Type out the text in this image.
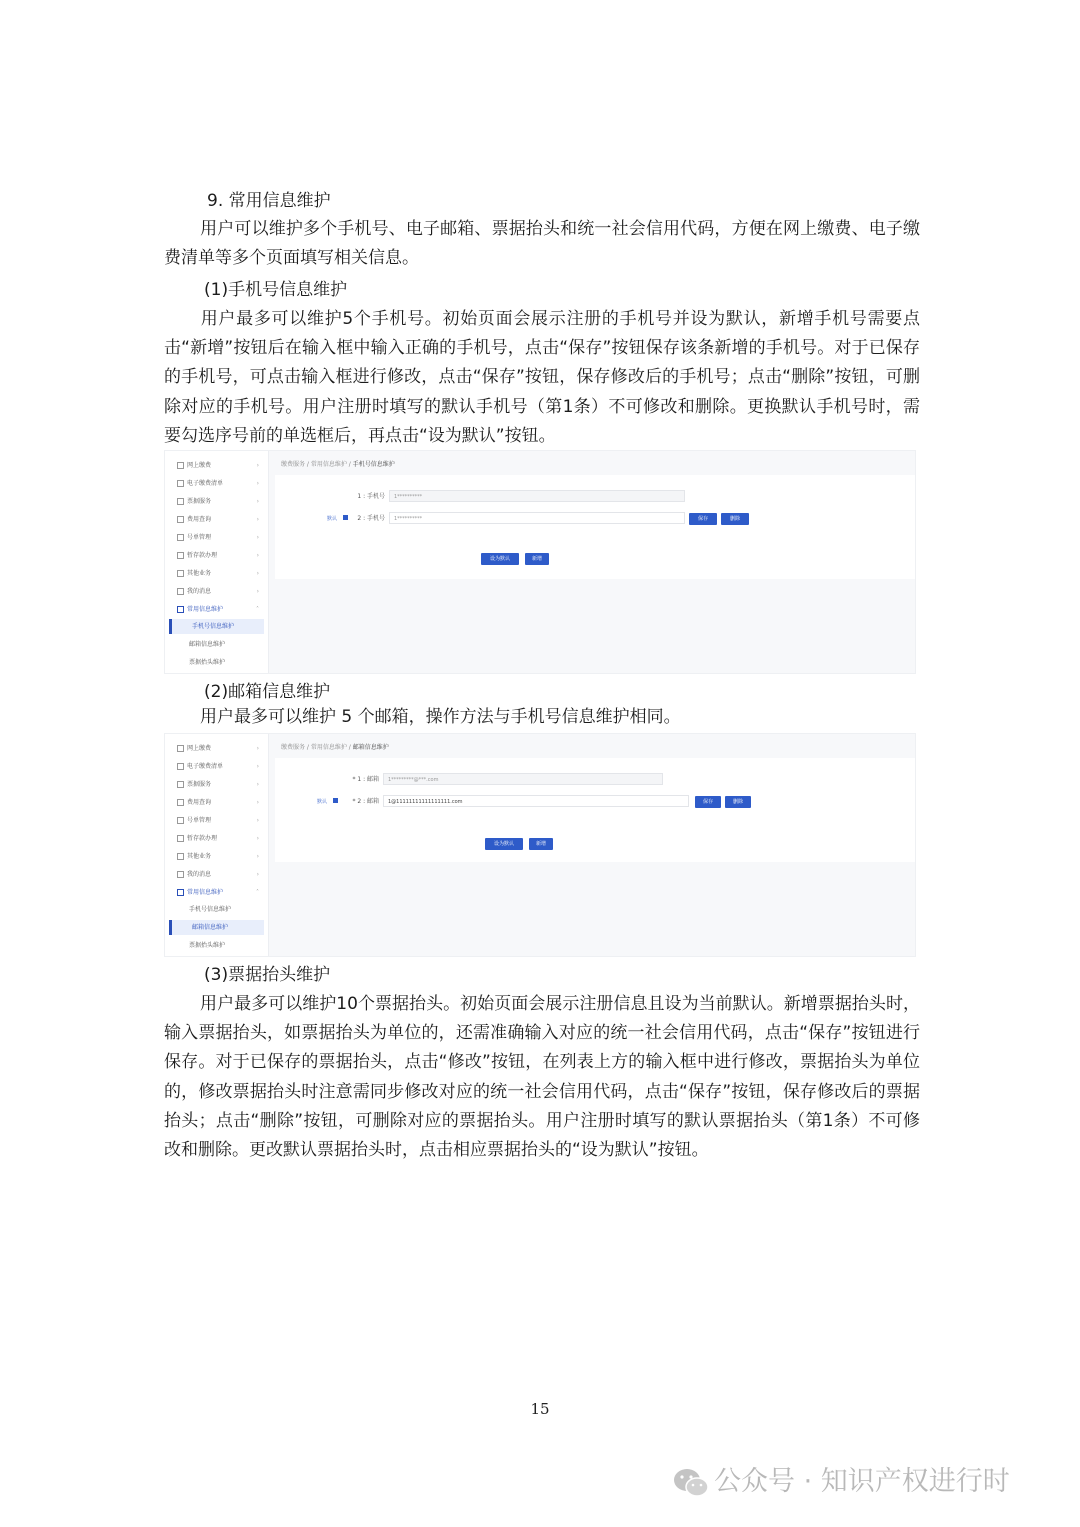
9. 常用信息维护
用户可以维护多个手机号、电子邮箱、票据抬头和统一社会信用代码，方便在网上缴费、电子缴费清单等多个页面填写相关信息。
(1)手机号信息维护
用户最多可以维护5个手机号。初始页面会展示注册的手机号并设为默认，新增手机号需要点击“新增”按钮后在输入框中输入正确的手机号，点击“保存”按钮保存该条新增的手机号。对于已保存的手机号，可点击输入框进行修改，点击“保存”按钮，保存修改后的手机号；点击“删除”按钮，可删除对应的手机号。用户注册时填写的默认手机号（第1条）不可修改和删除。更换默认手机号时，需要勾选序号前的单选框后，再点击“设为默认”按钮。
网上缴费	›
电子缴费清单	›
票据服务	›
费用查询	›
号单管理	›
暂存款办理	›
其他业务	›
我的消息	›
常用信息维护	˄
手机号信息维护
邮箱信息维护
票据抬头维护
缴费服务 / 常用信息维护 / 手机号信息维护
1 : 手机号	1**********
默认	2 : 手机号	1**********	保存	删除
设为默认	新增
(2)邮箱信息维护
用户最多可以维护 5 个邮箱，操作方法与手机号信息维护相同。
网上缴费	›
电子缴费清单	›
票据服务	›
费用查询	›
号单管理	›
暂存款办理	›
其他业务	›
我的消息	›
常用信息维护	˄
手机号信息维护
邮箱信息维护
票据抬头维护
缴费服务 / 常用信息维护 / 邮箱信息维护
* 1 : 邮箱	1*********@***.com
默认	* 2 : 邮箱	1@11111111111111111.com	保存	删除
设为默认	新增
(3)票据抬头维护
用户最多可以维护10个票据抬头。初始页面会展示注册信息且设为当前默认。新增票据抬头时，输入票据抬头，如票据抬头为单位的，还需准确输入对应的统一社会信用代码，点击“保存”按钮进行保存。对于已保存的票据抬头，点击“修改”按钮，在列表上方的输入框中进行修改，票据抬头为单位的，修改票据抬头时注意需同步修改对应的统一社会信用代码，点击“保存”按钮，保存修改后的票据抬头；点击“删除”按钮，可删除对应的票据抬头。用户注册时填写的默认票据抬头（第1条）不可修改和删除。更改默认票据抬头时，点击相应票据抬头的“设为默认”按钮。
15
公众号 · 知识产权进行时
